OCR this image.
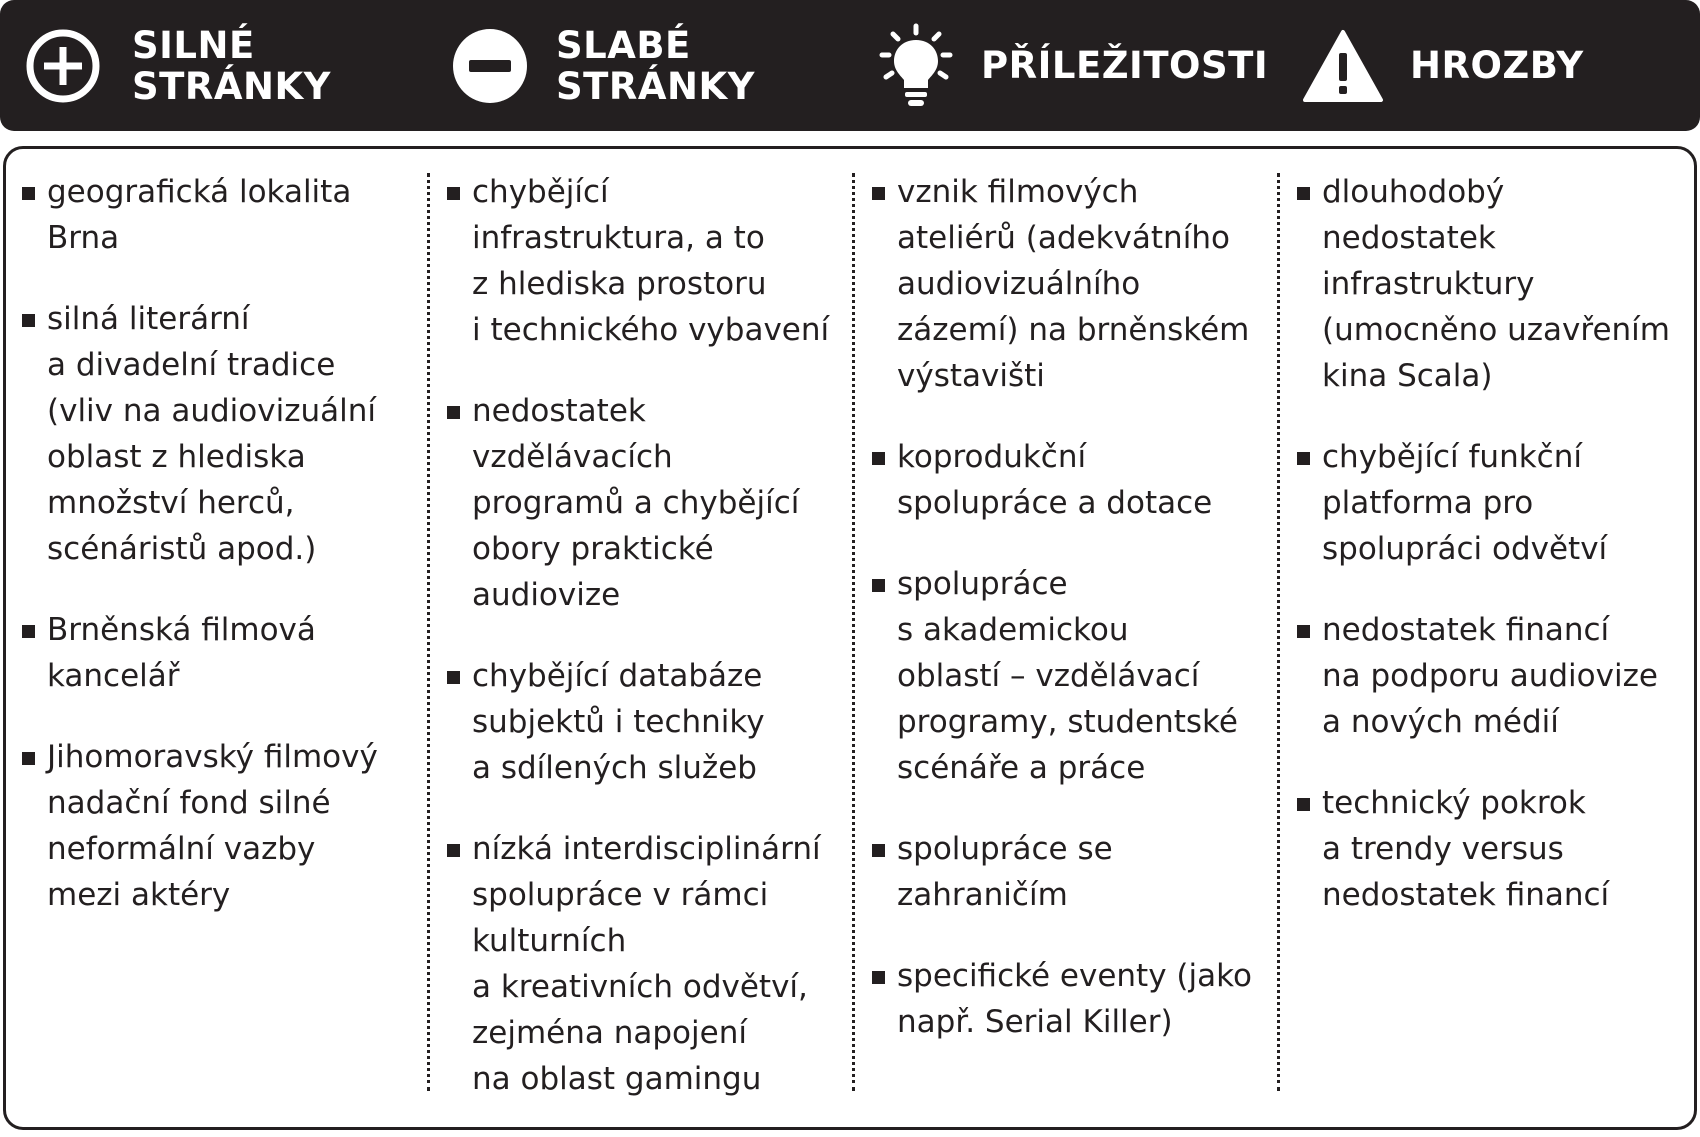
SILNÉ
STRÁNKY
SLABÉ
STRÁNKY	PŘÍLEŽITOSTI	HROZBY
geografická lokalita
Brna
silná literární
a divadelní tradice
(vliv na audiovizuální
oblast z hlediska
množství herců,
scénáristů apod.)
Brněnská filmová
kancelář
Jihomoravský filmový
nadační fond silné
neformální vazby
mezi aktéry
chybějící
infrastruktura, a to
z hlediska prostoru
i technického vybavení
nedostatek
vzdělávacích
programů a chybějící
obory praktické
audiovize
chybějící databáze
subjektů i techniky
a sdílených služeb
nízká interdisciplinární
spolupráce v rámci
kulturních
a kreativních odvětví,
zejména napojení
na oblast gamingu
vznik filmových
ateliérů (adekvátního
audiovizuálního
zázemí) na brněnském
výstavišti
koprodukční
spolupráce a dotace
spolupráce
s akademickou
oblastí – vzdělávací
programy, studentské
scénáře a práce
spolupráce se
zahraničím
specifické eventy (jako
např. Serial Killer)
dlouhodobý
nedostatek
infrastruktury
(umocněno uzavřením
kina Scala)
chybějící funkční
platforma pro
spolupráci odvětví
nedostatek financí
na podporu audiovize
a nových médií
technický pokrok
a trendy versus
nedostatek financí
